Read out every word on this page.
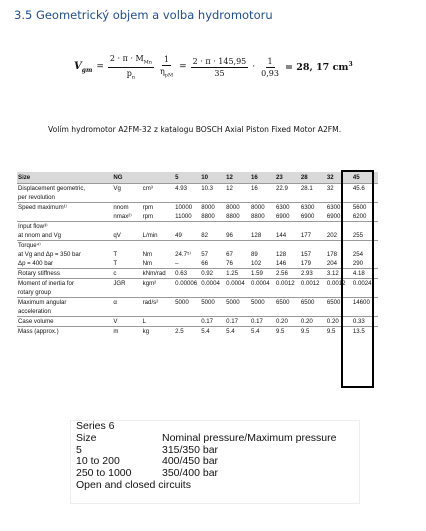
3.5 Geometrický objem a volba hydromotoru
$V_{gm} = \frac{2 \cdot \pi \cdot M_{Mn}}{p_n} \frac{1}{\eta_{pM}} = \frac{2 \cdot \pi \cdot 145,95}{35} \cdot \frac{1}{0,93} = 28$, 17 $cm^3$
Volím hydromotor A2FM-32 z katalogu BOSCH Axial Piston Fixed Motor A2FM.
Size	NG		5	10	12	16	23	28	32	45
Displacement geometric,	Vg	cm³	4.93	10.3	12	16	22.9	28.1	32	45.6
per revolution										
Speed maximum¹⁾	nnom	rpm	10000	8000	8000	8000	6300	6300	6300	5600
	nmax²⁾	rpm	11000	8800	8800	8800	6900	6900	6900	6200
Input flow³⁾										
at nnom and Vg	qV	L/min	49	82	96	128	144	177	202	255
Torque⁴⁾										
at Vg and Δp = 350 bar	T	Nm	24.7⁵⁾	57	67	89	128	157	178	254
Δp = 400 bar	T	Nm	–	66	76	102	146	179	204	290
Rotary stiffness	c	kNm/rad	0.63	0.92	1.25	1.59	2.56	2.93	3.12	4.18
Moment of inertia for	JGR	kgm²	0.00006	0.0004	0.0004	0.0004	0.0012	0.0012	0.0012	0.0024
rotary group										
Maximum angular	α	rad/s²	5000	5000	5000	5000	6500	6500	6500	14600
acceleration										
Case volume	V	L		0.17	0.17	0.17	0.20	0.20	0.20	0.33
Mass (approx.)	m	kg	2.5	5.4	5.4	5.4	9.5	9.5	9.5	13.5
Series 6
Size	Nominal pressure/Maximum pressure
5	315/350 bar
10 to 200	400/450 bar
250 to 1000	350/400 bar
Open and closed circuits
